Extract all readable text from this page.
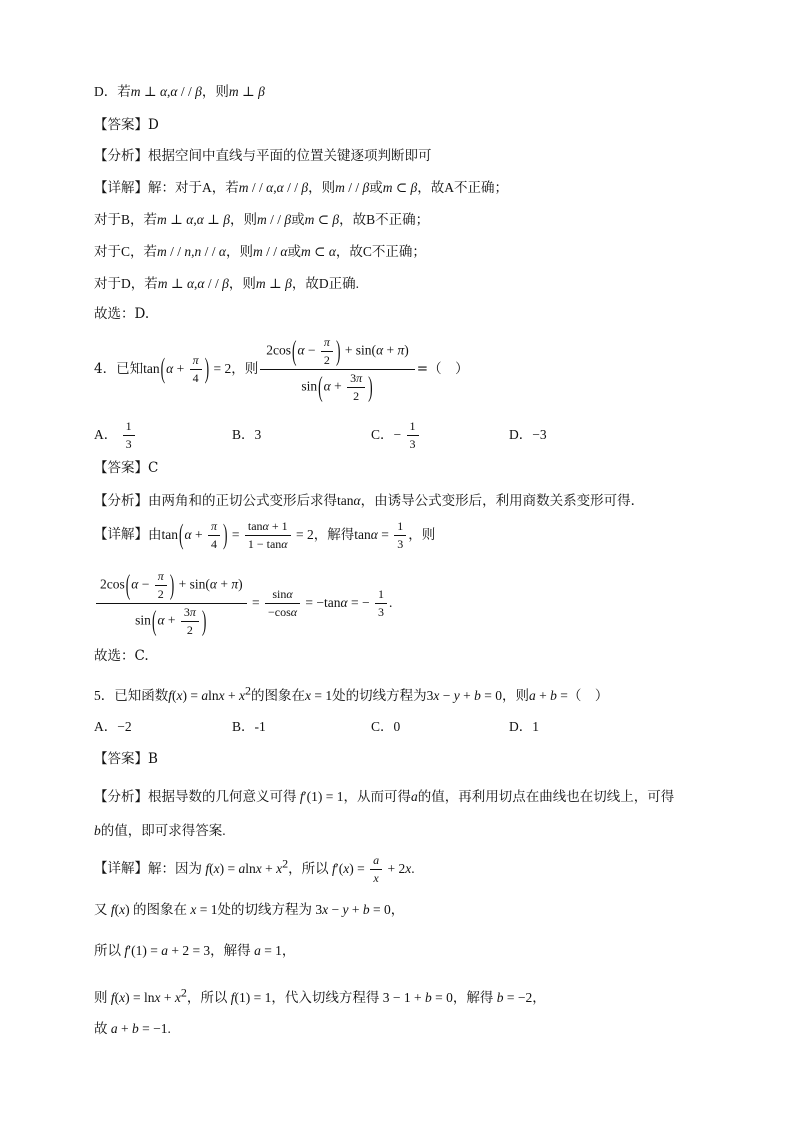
D．若m ⊥ α,α / / β，则m ⊥ β
【答案】D
【分析】根据空间中直线与平面的位置关键逐项判断即可
【详解】解：对于A，若m / / α,α / / β，则m / / β或m ⊂ β，故A不正确；
对于B，若m ⊥ α,α ⊥ β，则m / / β或m ⊂ β，故B不正确；
对于C，若m / / n,n / / α，则m / / α或m ⊂ α，故C不正确；
对于D，若m ⊥ α,α / / β，则m ⊥ β，故D正确.
故选：D.
4．已知$\tan(\alpha + \frac{\pi}{4}$ ) = 2，则 $\frac{2\cos(\alpha - \frac{\pi}{2} ) + \sin(\alpha + \pi)}{\sin(\alpha + \frac{3\pi}{2} )}$ =（　）
A． $\frac{1}{3}$	B．3	C．− $\frac{1}{3}$	D．−3
【答案】C
【分析】由两角和的正切公式变形后求得tanα，由诱导公式变形后，利用商数关系变形可得．
【详解】由$\tan(\alpha + \frac{\pi}{4}$ ) = $\frac{\tan\alpha + 1}{1 - \tan\alpha} = 2$，解得$\tan\alpha = \frac{1}{3}$ ，则
$\frac{2\cos(\alpha - \frac{\pi}{2} ) + \sin(\alpha + \pi)}{\sin(\alpha + \frac{3\pi}{2} )} = \frac{\sin\alpha}{-\cos\alpha} = -\tan\alpha$ = − $\frac{1}{3}$ .
故选：C.
5．已知函数$f(x) = alnx + x^2$的图象在x = 1处的切线方程为3x − y + b = 0，则a + b =（　）
A．−2	B．-1	C．0	D．1
【答案】B
【分析】根据导数的几何意义可得 f′(1) = 1，从而可得a的值，再利用切点在曲线也在切线上，可得
b的值，即可求得答案.
【详解】解：因为 $f(x) = alnx + x^2$，所以 $f'(x) = \frac{a}{x} + 2x$.
又 f(x) 的图象在 x = 1处的切线方程为 3x − y + b = 0，
所以 f′(1) = a + 2 = 3，解得 a = 1，
则 $f(x) = \ln x + x^2$，所以 f(1) = 1，代入切线方程得 3 − 1 + b = 0，解得 b = −2，
故 a + b = −1.
